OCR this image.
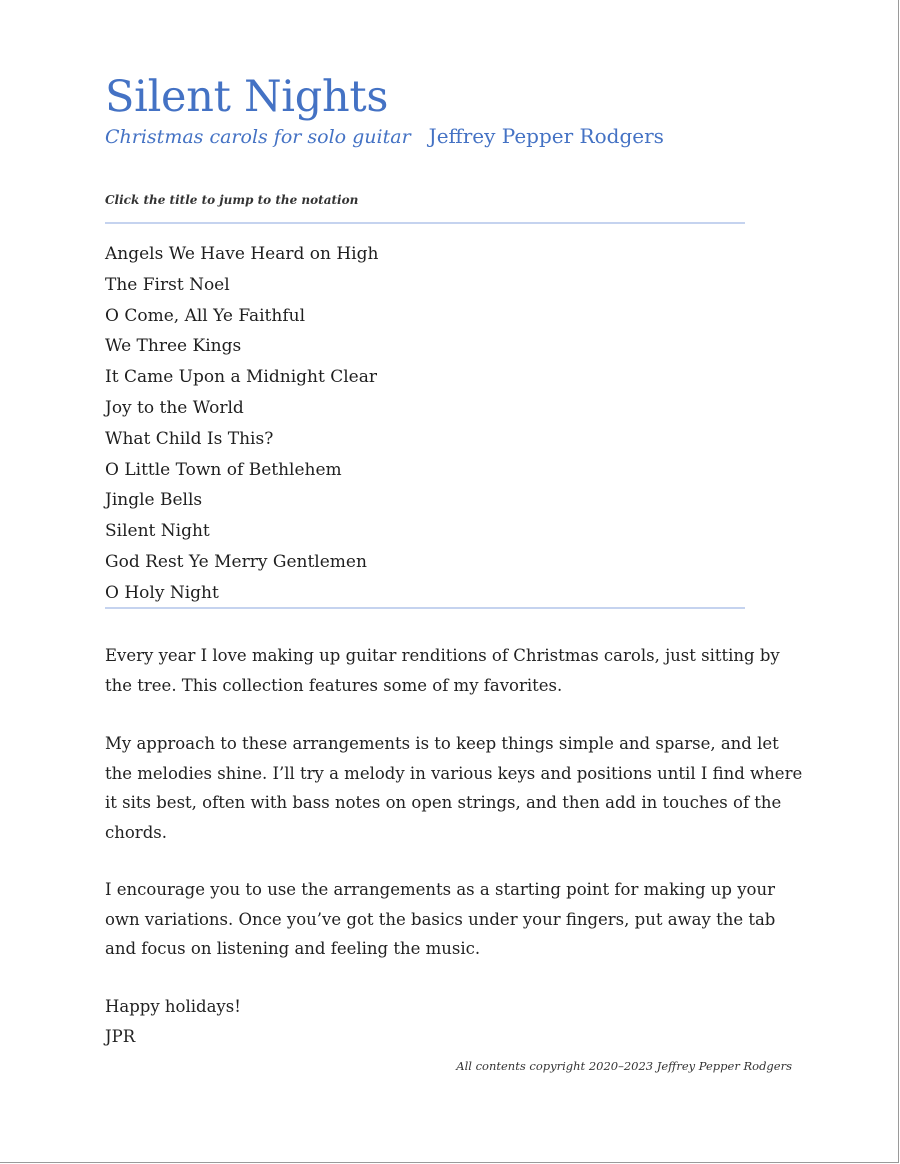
Silent Nights
Christmas carols for solo guitar Jeffrey Pepper Rodgers
Click the title to jump to the notation
Angels We Have Heard on High
The First Noel
O Come, All Ye Faithful
We Three Kings
It Came Upon a Midnight Clear
Joy to the World
What Child Is This?
O Little Town of Bethlehem
Jingle Bells
Silent Night
God Rest Ye Merry Gentlemen
O Holy Night

Every year I love making up guitar renditions of Christmas carols, just sitting by the tree. This collection features some of my favorites.

My approach to these arrangements is to keep things simple and sparse, and let the melodies shine. I’ll try a melody in various keys and positions until I find where it sits best, often with bass notes on open strings, and then add in touches of the chords.

I encourage you to use the arrangements as a starting point for making up your own variations. Once you’ve got the basics under your fingers, put away the tab and focus on listening and feeling the music.

Happy holidays!
JPR
All contents copyright 2020–2023 Jeffrey Pepper Rodgers
